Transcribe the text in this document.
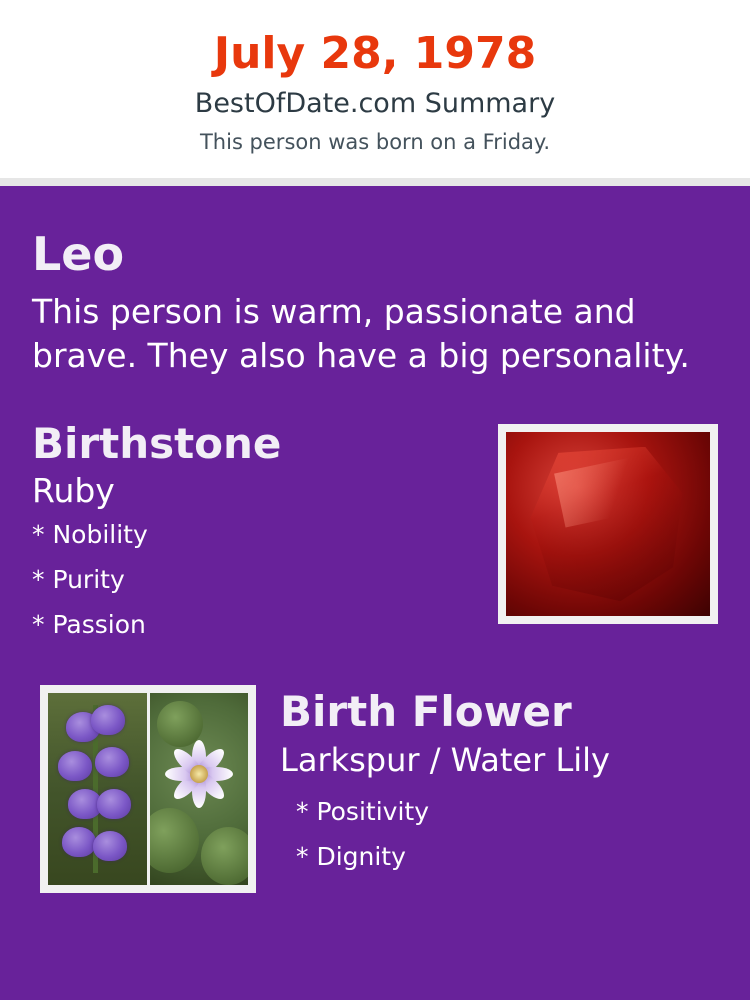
July 28, 1978
BestOfDate.com Summary
This person was born on a Friday.
Leo
This person is warm, passionate and brave. They also have a big personality.
Birthstone
Ruby
* Nobility
* Purity
* Passion
Birth Flower
Larkspur / Water Lily
* Positivity
* Dignity
